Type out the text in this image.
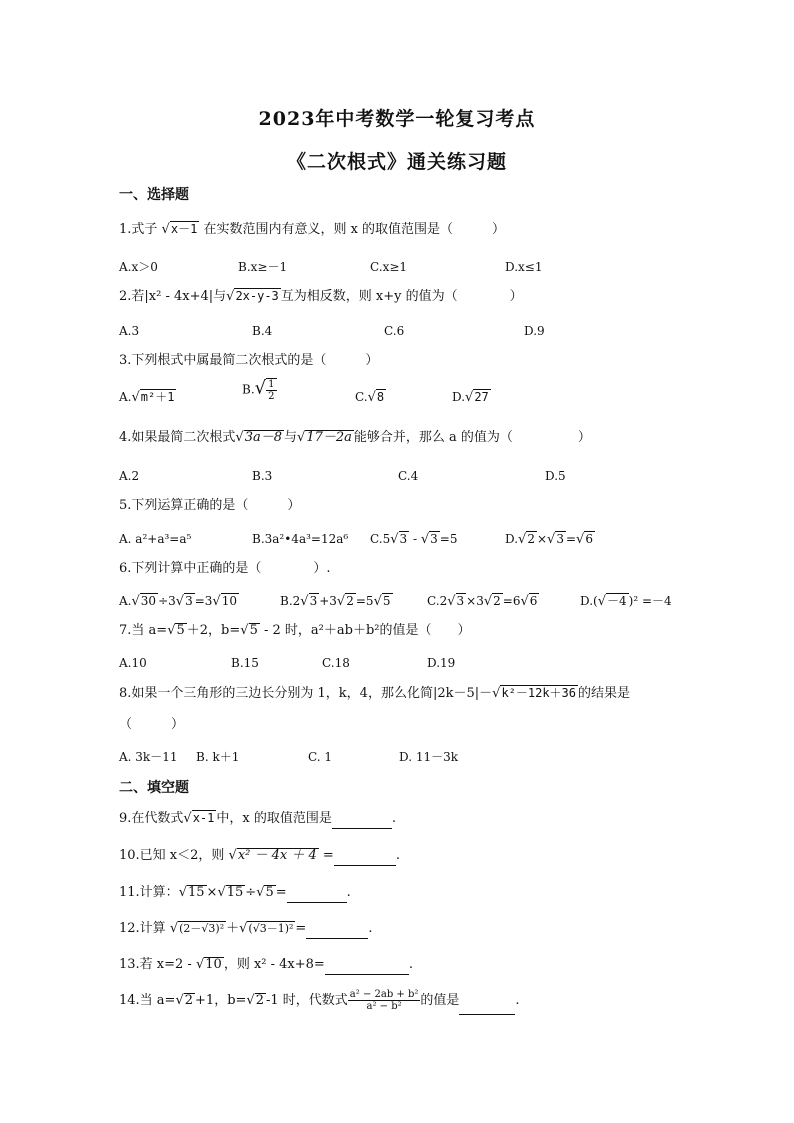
2023年中考数学一轮复习考点
《二次根式》通关练习题
一、选择题
1.式子 √x－1 在实数范围内有意义，则 x 的取值范围是（　　　）
A.x＞0	B.x≥－1	C.x≥1	D.x≤1
2.若|x² - 4x+4|与√2x-y-3 互为相反数，则 x+y 的值为（　　　　）
A.3	B.4	C.6	D.9
3.下列根式中属最简二次根式的是（　　　）
A.√m²＋1
$B.√ \frac{1}{2}$	C.√8	D.√27
4.如果最简二次根式√3a－8 与√17－2a 能够合并，那么 a 的值为（　　　　　）
A.2	B.3	C.4	D.5
5.下列运算正确的是（　　　）
A. a²+a³=a⁵	B.3a²•4a³=12a⁶ C.5√3 - √3 =5	D.√2 ×√3 =√6
6.下列计算中正确的是（　　　　）.
A.√30 ÷3√3 =3√10	B.2√3 +3√2 =5√5	C.2√3 ×3√2 =6√6	D.(√－4 )² =－4
7.当 a=√5 ＋2，b=√5 - 2 时，a²＋ab＋b²的值是（　　）
A.10	B.15	C.18	D.19
8.如果一个三角形的三边长分别为 1，k，4，那么化简|2k－5|－√k²－12k＋36 的结果是
（　　　）
A. 3k－11 B. k＋1	C. 1	D. 11－3k
二、填空题
9.在代数式√x-1 中，x 的取值范围是	.
10.已知 x＜2，则 √x² － 4x ＋ 4 =	.
11.计算：√15 ×√15 ÷√5 =	.
12.计算 √(2－√3)² ＋√(√3－1)² =	.
13.若 x=2 - √10 ，则 x² - 4x+8=	.
14.当 a=√2 +1，b=√2 -1 时，代数式 $\frac{\text{a² − 2ab + b²}}{\text{a² − b²}}$ 的值是	.
